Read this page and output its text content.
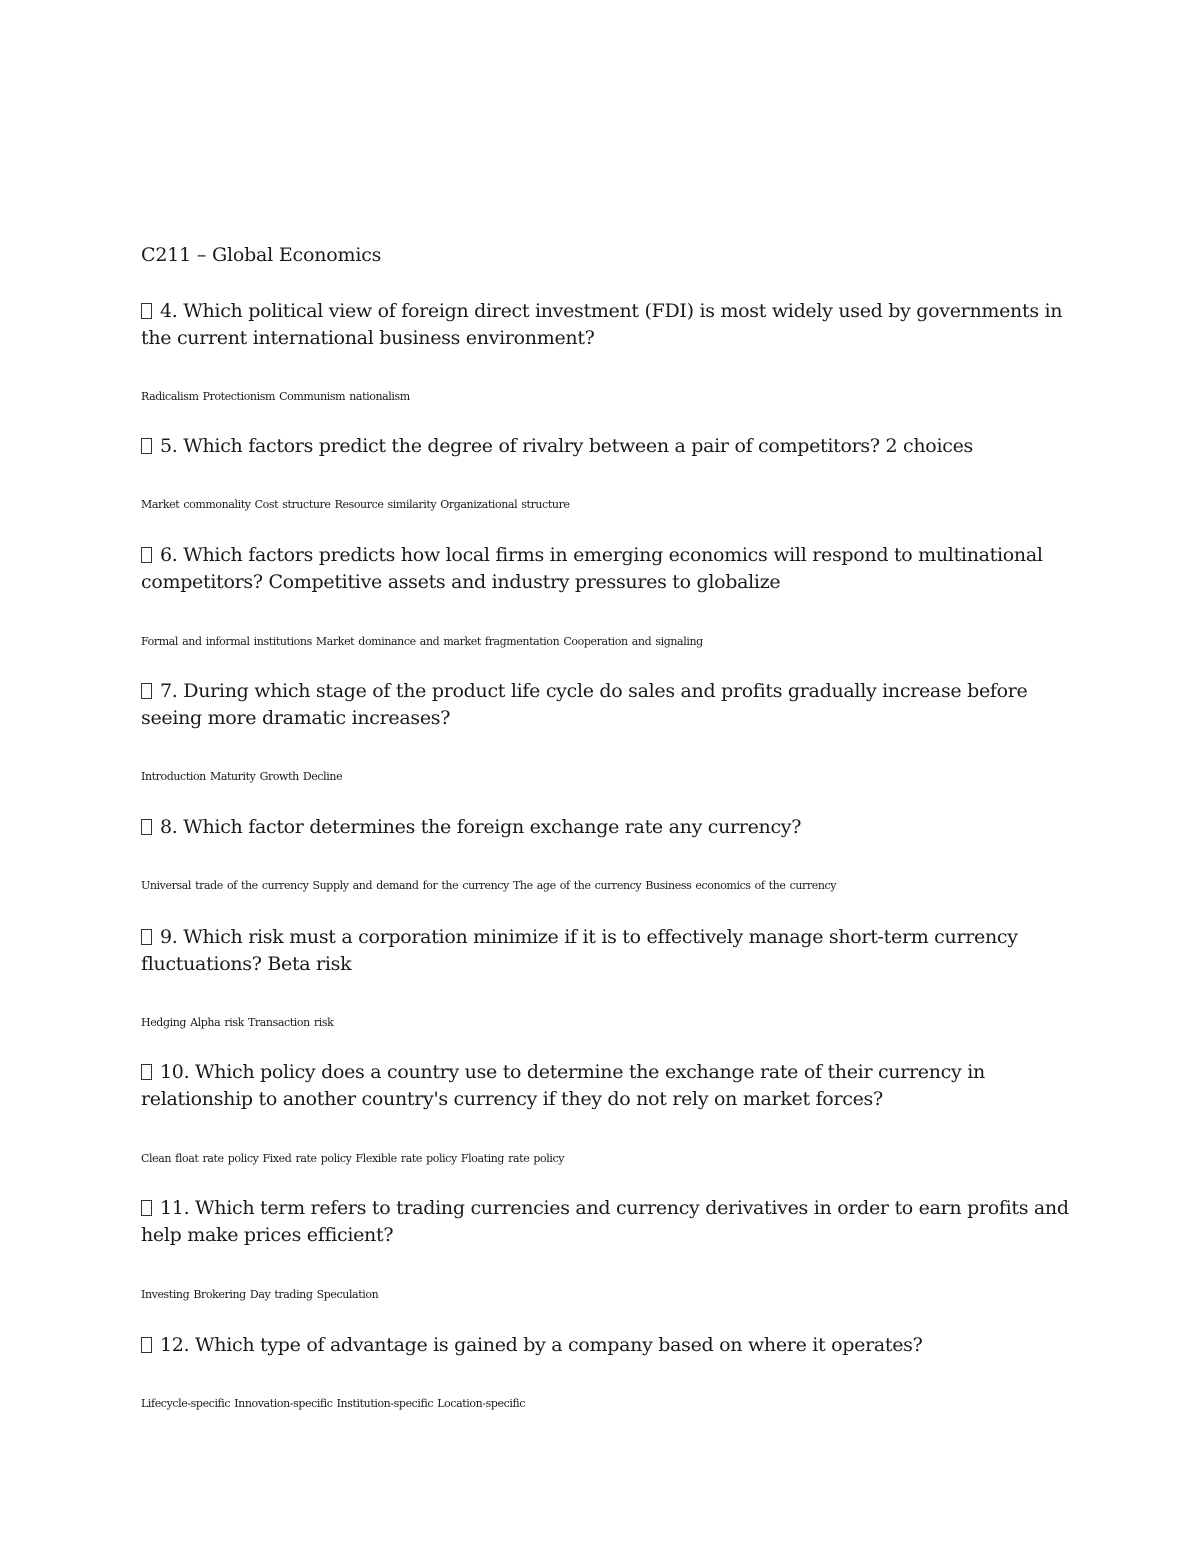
C211 – Global Economics
4. Which political view of foreign direct investment (FDI) is most widely used by governments in the current international business environment?
Radicalism Protectionism Communism nationalism
5. Which factors predict the degree of rivalry between a pair of competitors? 2 choices
Market commonality Cost structure Resource similarity Organizational structure
6. Which factors predicts how local firms in emerging economics will respond to multinational competitors? Competitive assets and industry pressures to globalize
Formal and informal institutions Market dominance and market fragmentation Cooperation and signaling
7. During which stage of the product life cycle do sales and profits gradually increase before seeing more dramatic increases?
Introduction Maturity Growth Decline
8. Which factor determines the foreign exchange rate any currency?
Universal trade of the currency Supply and demand for the currency The age of the currency Business economics of the currency
9. Which risk must a corporation minimize if it is to effectively manage short-term currency fluctuations? Beta risk
Hedging Alpha risk Transaction risk
10. Which policy does a country use to determine the exchange rate of their currency in relationship to another country's currency if they do not rely on market forces?
Clean float rate policy Fixed rate policy Flexible rate policy Floating rate policy
11. Which term refers to trading currencies and currency derivatives in order to earn profits and help make prices efficient?
Investing Brokering Day trading Speculation
12. Which type of advantage is gained by a company based on where it operates?
Lifecycle-specific Innovation-specific Institution-specific Location-specific
